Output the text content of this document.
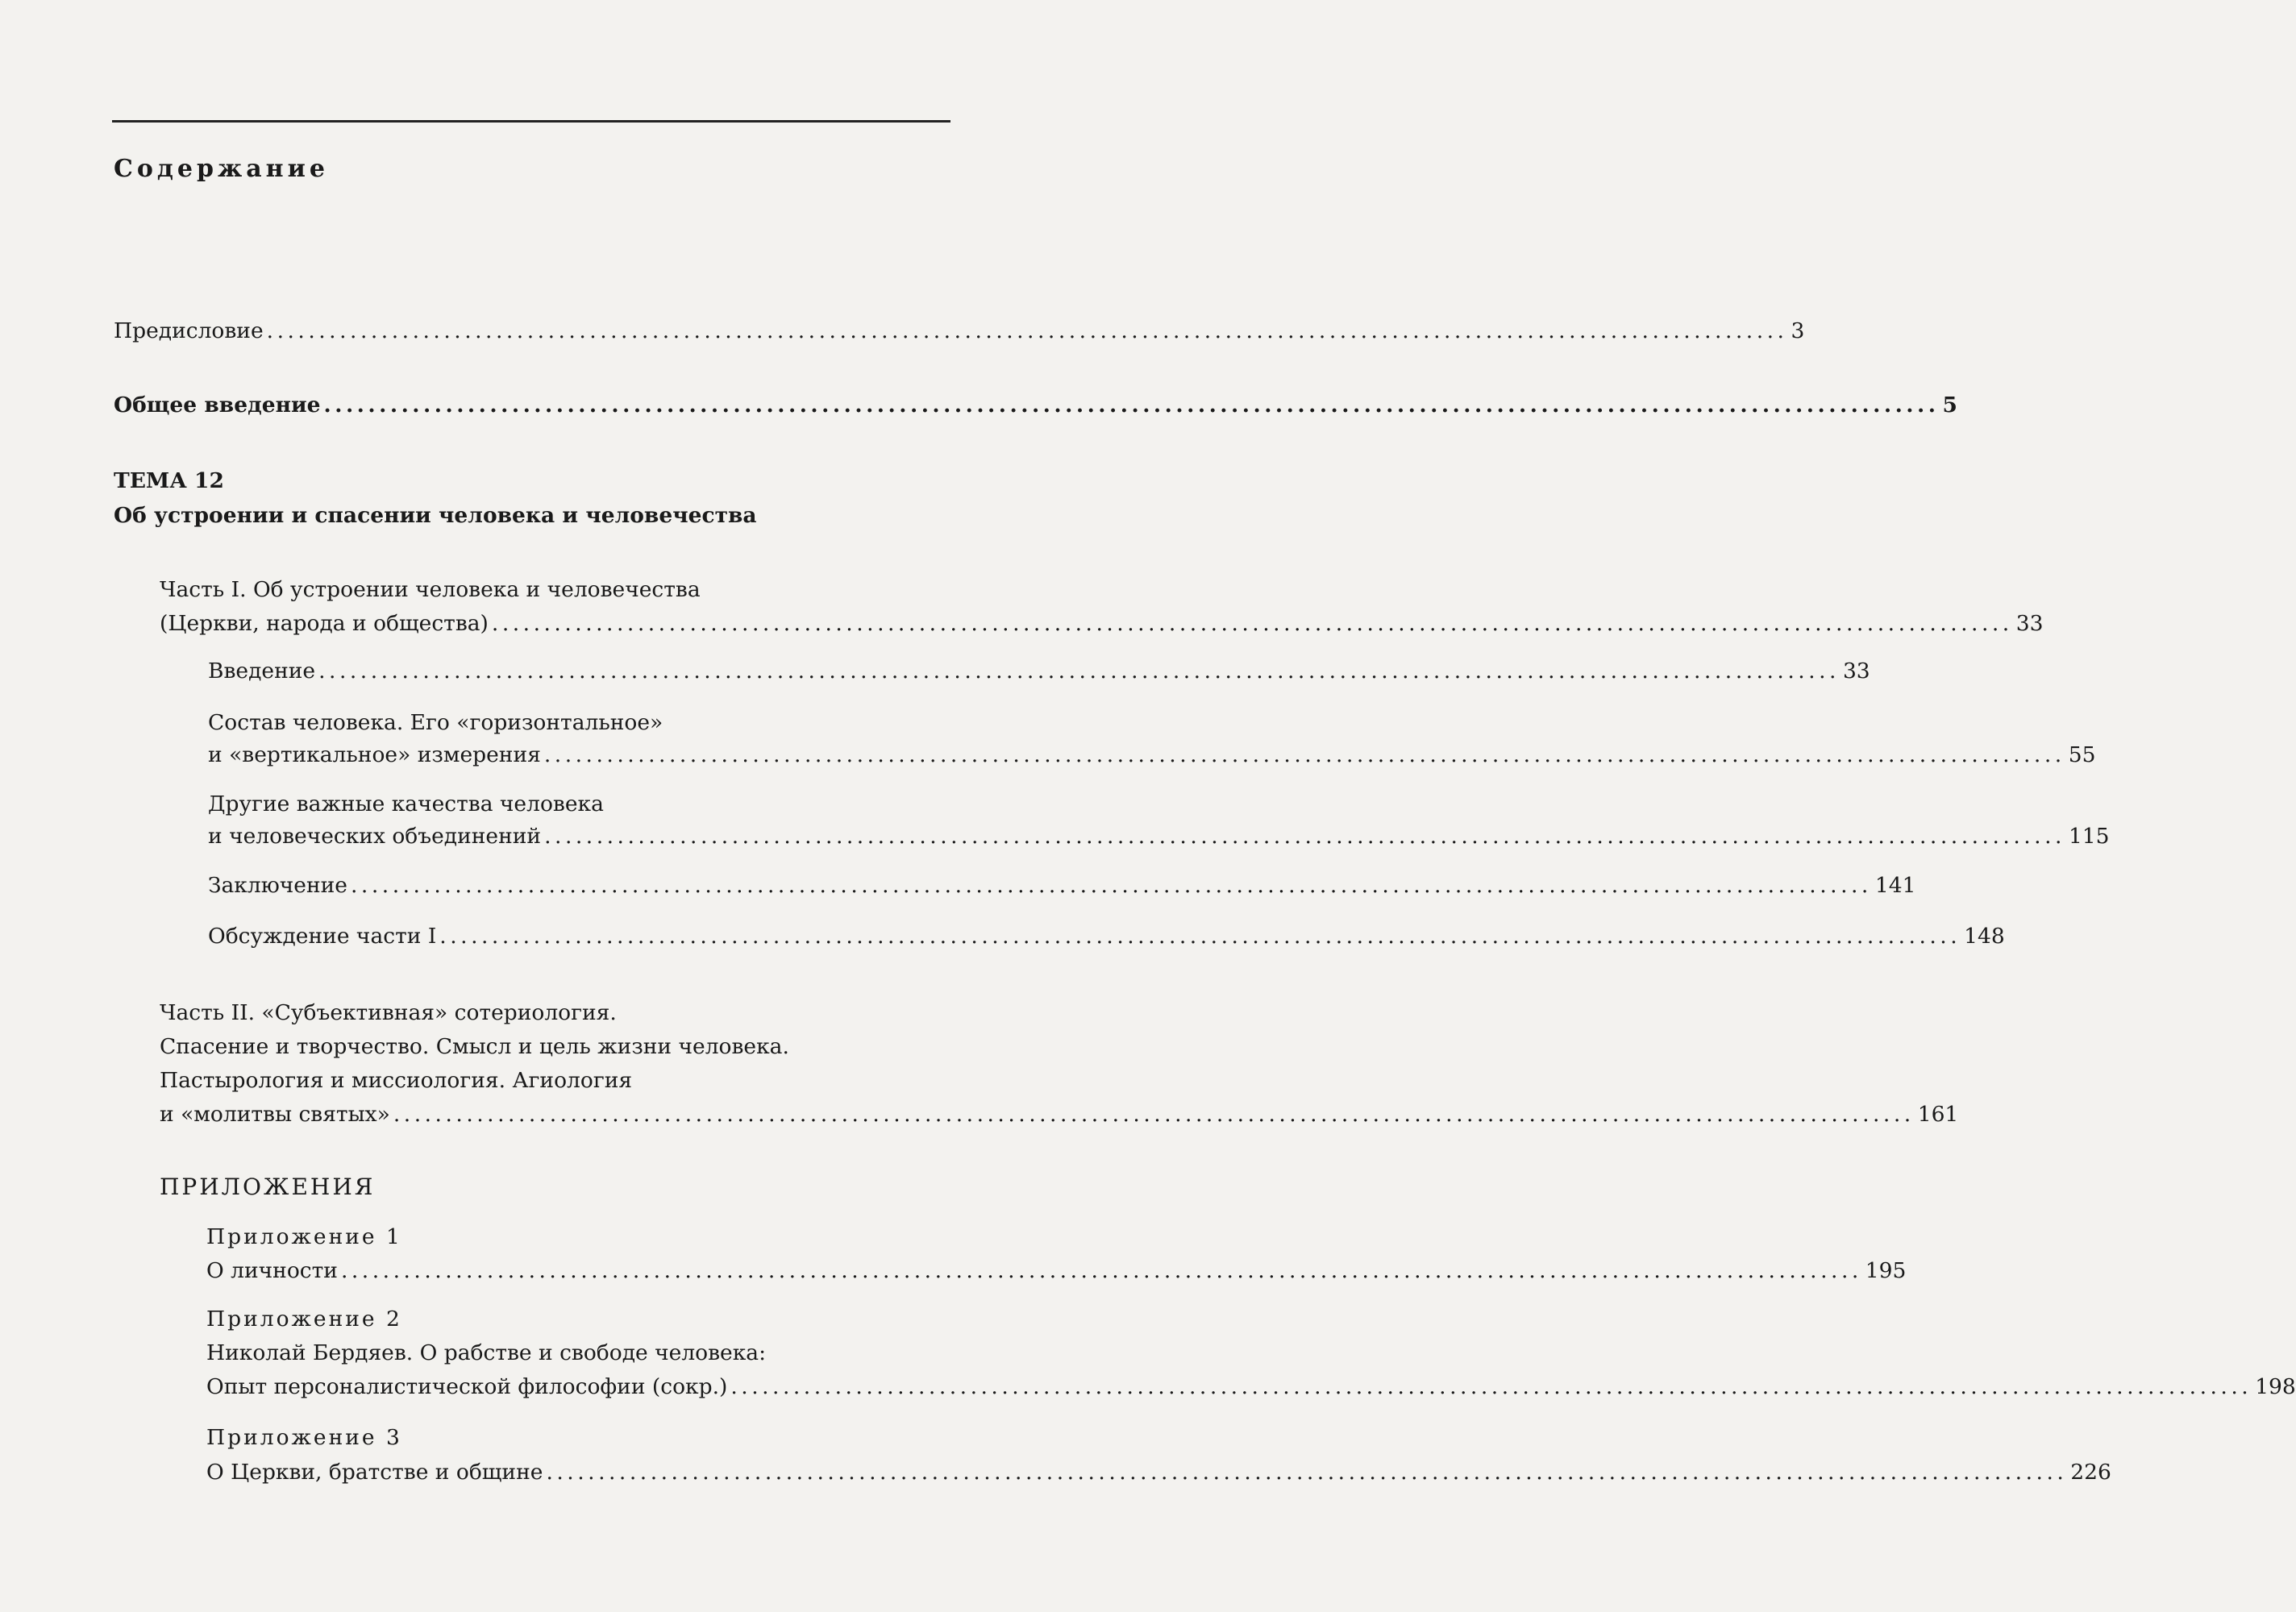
Содержание
Предисловие .................................................................................................................................................. 3
Общее введение .................................................................................................................................................. 5
ТЕМА 12
Об устроении и спасении человека и человечества
Часть I. Об устроении человека и человечества
(Церкви, народа и общества) .................................................................................................................................................. 33
Введение .................................................................................................................................................. 33
Состав человека. Его «горизонтальное»
и «вертикальное» измерения .................................................................................................................................................. 55
Другие важные качества человека
и человеческих объединений .................................................................................................................................................. 115
Заключение .................................................................................................................................................. 141
Обсуждение части I .................................................................................................................................................. 148
Часть II. «Субъективная» сотериология.
Спасение и творчество. Смысл и цель жизни человека.
Пастырология и миссиология. Агиология
и «молитвы святых» .................................................................................................................................................. 161
ПРИЛОЖЕНИЯ
Приложение 1
О личности .................................................................................................................................................. 195
Приложение 2
Николай Бердяев. О рабстве и свободе человека:
Опыт персоналистической философии (сокр.) .................................................................................................................................................. 198
Приложение 3
О Церкви, братстве и общине .................................................................................................................................................. 226
